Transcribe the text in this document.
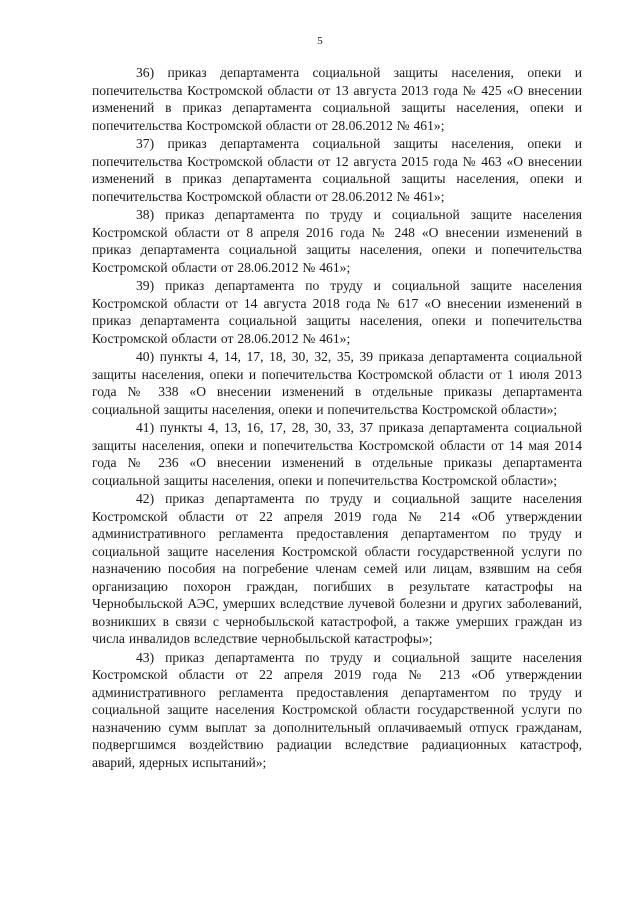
5

36) приказ департамента социальной защиты населения, опеки и попечительства Костромской области от 13 августа 2013 года № 425 «О внесении изменений в приказ департамента социальной защиты населения, опеки и попечительства Костромской области от 28.06.2012 № 461»;

37) приказ департамента социальной защиты населения, опеки и попечительства Костромской области от 12 августа 2015 года № 463 «О внесении изменений в приказ департамента социальной защиты населения, опеки и попечительства Костромской области от 28.06.2012 № 461»;

38) приказ департамента по труду и социальной защите населения Костромской области от 8 апреля 2016 года № 248 «О внесении изменений в приказ департамента социальной защиты населения, опеки и попечительства Костромской области от 28.06.2012 № 461»;

39) приказ департамента по труду и социальной защите населения Костромской области от 14 августа 2018 года № 617 «О внесении изменений в приказ департамента социальной защиты населения, опеки и попечительства Костромской области от 28.06.2012 № 461»;

40) пункты 4, 14, 17, 18, 30, 32, 35, 39 приказа департамента социальной защиты населения, опеки и попечительства Костромской области от 1 июля 2013 года № 338 «О внесении изменений в отдельные приказы департамента социальной защиты населения, опеки и попечительства Костромской области»;

41) пункты 4, 13, 16, 17, 28, 30, 33, 37 приказа департамента социальной защиты населения, опеки и попечительства Костромской области от 14 мая 2014 года № 236 «О внесении изменений в отдельные приказы департамента социальной защиты населения, опеки и попечительства Костромской области»;

42) приказ департамента по труду и социальной защите населения Костромской области от 22 апреля 2019 года № 214 «Об утверждении административного регламента предоставления департаментом по труду и социальной защите населения Костромской области государственной услуги по назначению пособия на погребение членам семей или лицам, взявшим на себя организацию похорон граждан, погибших в результате катастрофы на Чернобыльской АЭС, умерших вследствие лучевой болезни и других заболеваний, возникших в связи с чернобыльской катастрофой, а также умерших граждан из числа инвалидов вследствие чернобыльской катастрофы»;

43) приказ департамента по труду и социальной защите населения Костромской области от 22 апреля 2019 года № 213 «Об утверждении административного регламента предоставления департаментом по труду и социальной защите населения Костромской области государственной услуги по назначению сумм выплат за дополнительный оплачиваемый отпуск гражданам, подвергшимся воздействию радиации вследствие радиационных катастроф, аварий, ядерных испытаний»;
